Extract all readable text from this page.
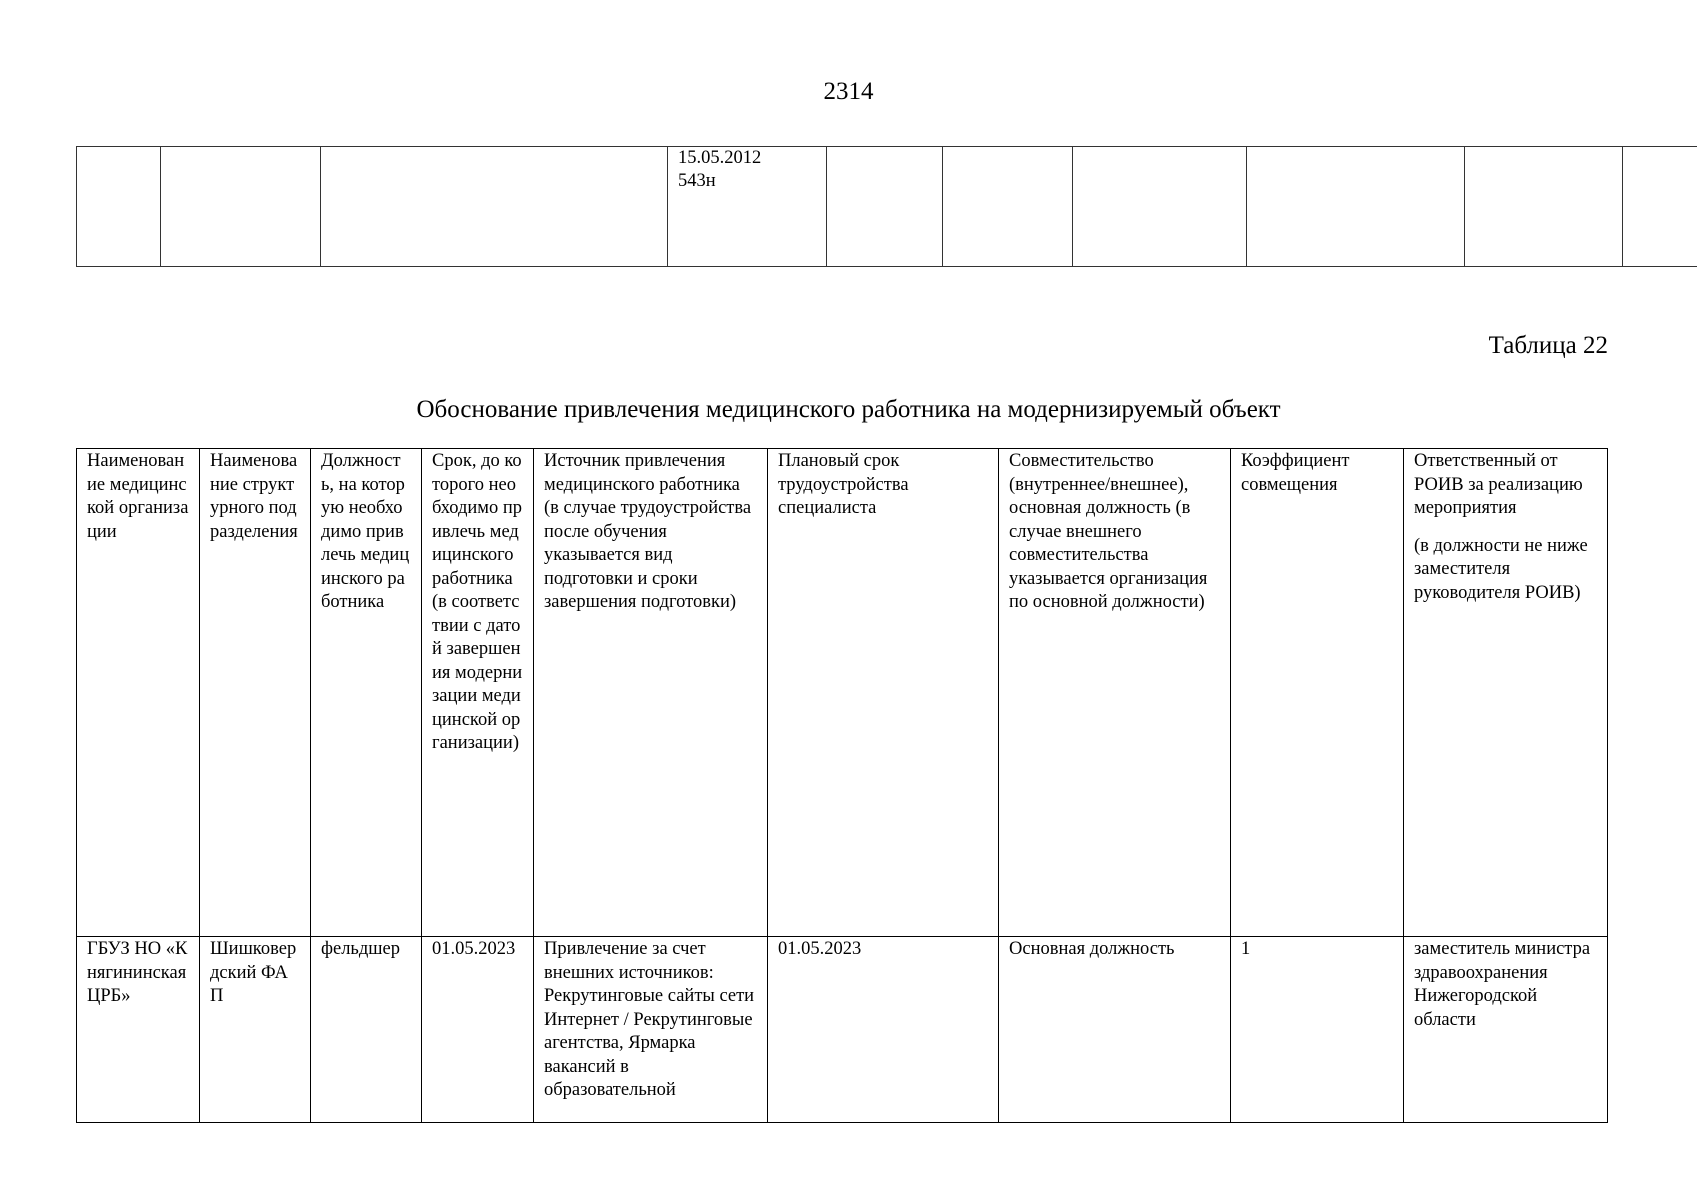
2314
			15.05.2012
543н						
Таблица 22
Обоснование привлечения медицинского работника на модернизируемый объект
Наименование медицинской организации	Наименование структурного подразделения	Должность, на которую необходимо привлечь медицинского работника	Срок, до которого необходимо привлечь медицинского работника (в соответствии с датой завершения модернизации медицинской организации)	Источник привлечения медицинского работника (в случае трудоустройства после обучения указывается вид подготовки и сроки завершения подготовки)	Плановый срок трудоустройства специалиста	Совместительство (внутреннее/внешнее), основная должность (в случае внешнего совместительства указывается организация по основной должности)	Коэффициент совмещения	Ответственный от РОИВ за реализацию мероприятия
(в должности не ниже заместителя руководителя РОИВ)

ГБУЗ НО «Княгининская ЦРБ»	Шишковердский ФАП	фельдшер	01.05.2023	Привлечение за счет внешних источников: Рекрутинговые сайты сети Интернет / Рекрутинговые агентства, Ярмарка вакансий в образовательной	01.05.2023	Основная должность	1	заместитель министра здравоохранения Нижегородской области
